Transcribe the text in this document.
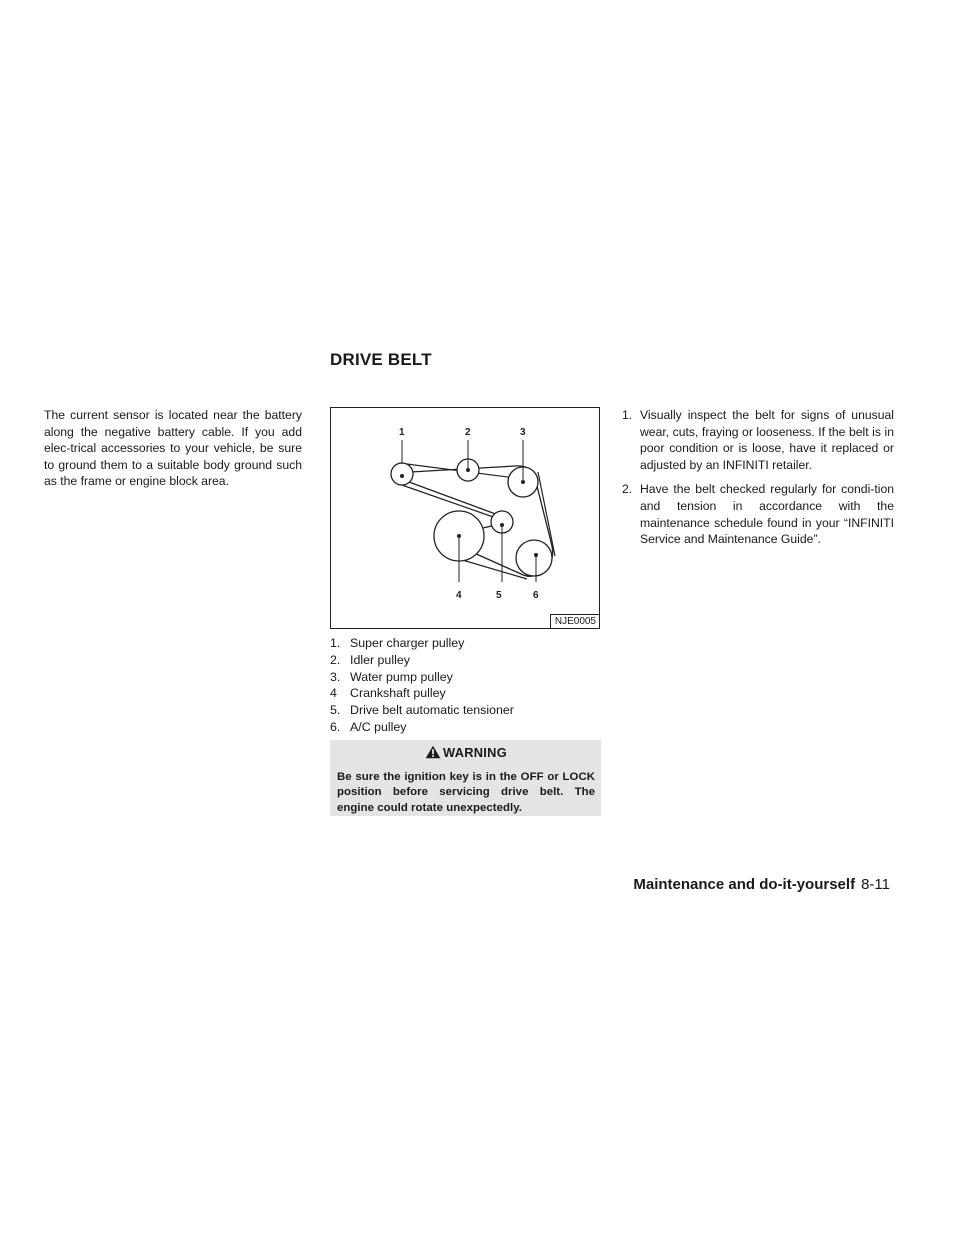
DRIVE BELT
The current sensor is located near the battery along the negative battery cable. If you add elec-trical accessories to your vehicle, be sure to ground them to a suitable body ground such as the frame or engine block area.
1	2	3
4	5	6
NJE0005
1. Super charger pulley
2. Idler pulley
3. Water pump pulley
4	Crankshaft pulley
5. Drive belt automatic tensioner
6. A/C pulley
WARNING
Be sure the ignition key is in the OFF or LOCK position before servicing drive belt. The engine could rotate unexpectedly.
1. Visually inspect the belt for signs of unusual wear, cuts, fraying or looseness. If the belt is in poor condition or is loose, have it replaced or adjusted by an INFINITI retailer.
2. Have the belt checked regularly for condi-tion and tension in accordance with the maintenance schedule found in your “INFINITI Service and Maintenance Guide”.
Maintenance and do-it-yourself 8-11
